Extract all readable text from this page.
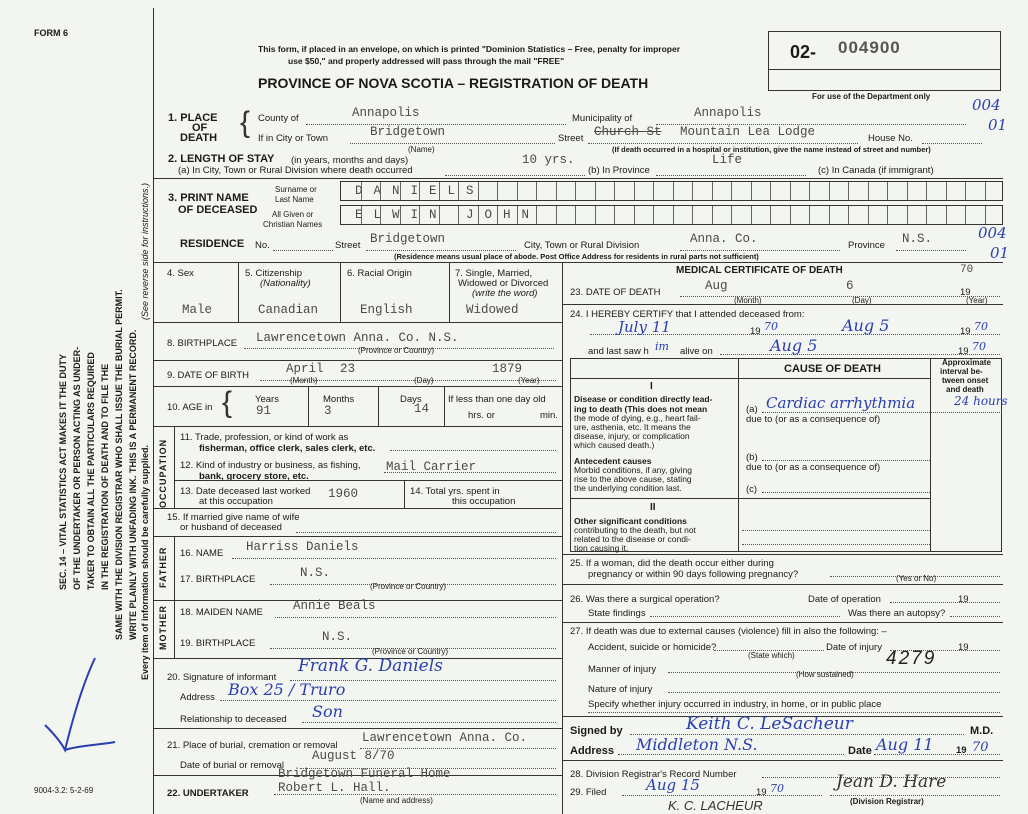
FORM 6
SEC. 14 – VITAL STATISTICS ACT MAKES IT THE DUTY OF THE UNDERTAKER OR PERSON ACTING AS UNDER- TAKER TO OBTAIN ALL THE PARTICULARS REQUIRED IN THE REGISTRATION OF DEATH AND TO FILE THE SAME WITH THE DIVISION REGISTRAR WHO SHALL ISSUE THE BURIAL PERMIT. WRITE PLAINLY WITH UNFADING INK. THIS IS A PERMANENT RECORD. Every item of information should be carefully supplied.
(See reverse side for instructions.)
9004-3.2: 5-2-69
This form, if placed in an envelope, on which is printed "Dominion Statistics – Free, penalty for improper
use $50," and properly addressed will pass through the mail "FREE"
PROVINCE OF NOVA SCOTIA – REGISTRATION OF DEATH
02- 004900
For use of the Department only	004
01
1. PLACE
OF
DEATH { County of	Annapolis	Municipality of	Annapolis
If in City or Town	Bridgetown
(Name)
Street Church St Mountain Lea Lodge	House No.
(If death occurred in a hospital or institution, give the name instead of street and number)
2. LENGTH OF STAY (in years, months and days)
(a) In City, Town or Rural Division where death occurred
10 yrs.
(b) In Province
Life
(c) In Canada (if immigrant)
3. PRINT NAME
OF DECEASED
Surname or
Last Name
All Given or
Christian Names
DANIELS
ELWIN JOHN
RESIDENCE No.	Street Bridgetown	City, Town or Rural Division	Anna. Co.	Province N.S.	004
01
(Residence means usual place of abode. Post Office Address for residents in rural parts not sufficient)
4. Sex
Male
5. Citizenship
(Nationality)
Canadian
6. Racial Origin
English
7. Single, Married,
Widowed or Divorced
(write the word)
Widowed
8. BIRTHPLACE Lawrencetown Anna. Co. N.S.
(Province or Country)
9. DATE OF BIRTH	April 23	1879
(Month)	(Day)	(Year)
10. AGE in { Years	Months	Days
91	3	14
If less than one day old
hrs. or	min.
OCCUPATION
11. Trade, profession, or kind of work as
fisherman, office clerk, sales clerk, etc.
12. Kind of industry or business, as fishing,
bank, grocery store, etc.
Mail Carrier
13. Date deceased last worked
at this occupation
1960	14. Total yrs. spent in
this occupation
15. If married give name of wife
or husband of deceased
FATHER 16. NAME Harriss Daniels
17. BIRTHPLACE	N.S.
(Province or Country)
MOTHER 18. MAIDEN NAME Annie Beals
19. BIRTHPLACE	N.S.
(Province or Country)
20. Signature of informant
Frank G. Daniels
Address Box 25 / Truro
Relationship to deceased Son
21. Place of burial, cremation or removal
Lawrencetown Anna. Co.
Date of burial or removal
August 8/70
22. UNDERTAKER
Bridgetown Funeral Home
Robert L. Hall.
(Name and address)
MEDICAL CERTIFICATE OF DEATH	70
23. DATE OF DEATH	Aug	6	19
(Month)	(Day)	(Year)
24. I HEREBY CERTIFY that I attended deceased from:
July 11	19 70	Aug 5	19 70
and last saw h im alive on	Aug 5	19 70
CAUSE OF DEATH
Approximate
interval be-
tween onset
and death
I
Disease or condition directly lead-
ing to death (This does not mean
the mode of dying, e.g., heart fail-
ure, asthenia, etc. It means the
disease, injury, or complication
which caused death.)
(a) Cardiac arrhythmia	24 hours
due to (or as a consequence of)
Antecedent causes
Morbid conditions, if any, giving
rise to the above cause, stating
the underlying condition last.
(b)
due to (or as a consequence of)
(c)
II
Other significant conditions
contributing to the death, but not
related to the disease or condi-
tion causing it.
25. If a woman, did the death occur either during
pregnancy or within 90 days following pregnancy?	(Yes or No)
26. Was there a surgical operation?	Date of operation	19
State findings	Was there an autopsy?
27. If death was due to external causes (violence) fill in also the following: –
Accident, suicide or homicide?	Date of injury	19
(State which)
Manner of injury
4279
(How sustained)
Nature of injury
Specify whether injury occurred in industry, in home, or in public place
Signed by	Keith C. LeSacheur	M.D.
Address Middleton N.S.	Date Aug 11 19 70
28. Division Registrar's Record Number
29. Filed	Aug 15	19 70	Jean D. Hare
(Division Registrar)
K. C. LACHEUR
